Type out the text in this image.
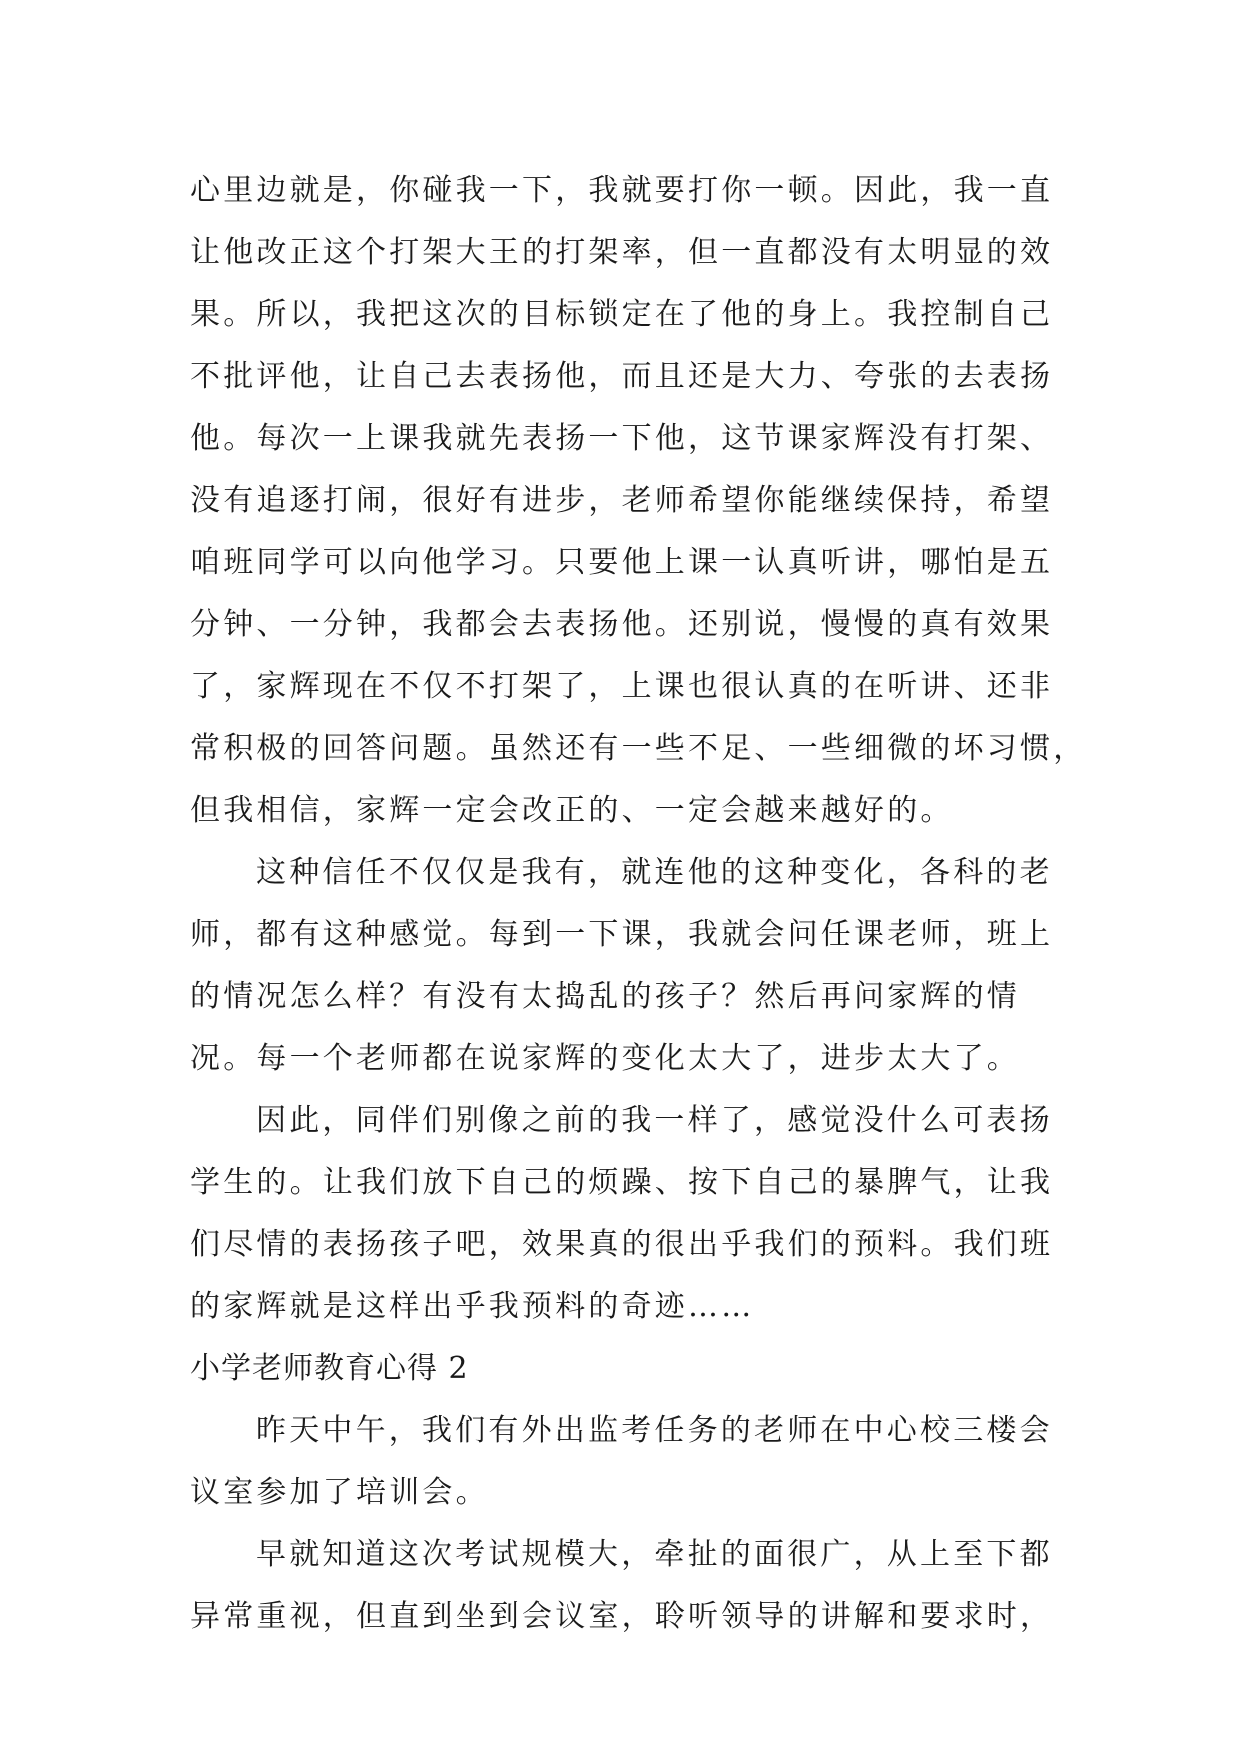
心里边就是，你碰我一下，我就要打你一顿。因此，我一直
让他改正这个打架大王的打架率，但一直都没有太明显的效
果。所以，我把这次的目标锁定在了他的身上。我控制自己
不批评他，让自己去表扬他，而且还是大力、夸张的去表扬
他。每次一上课我就先表扬一下他，这节课家辉没有打架、
没有追逐打闹，很好有进步，老师希望你能继续保持，希望
咱班同学可以向他学习。只要他上课一认真听讲，哪怕是五
分钟、一分钟，我都会去表扬他。还别说，慢慢的真有效果
了，家辉现在不仅不打架了，上课也很认真的在听讲、还非
常积极的回答问题。虽然还有一些不足、一些细微的坏习惯，
但我相信，家辉一定会改正的、一定会越来越好的。
这种信任不仅仅是我有，就连他的这种变化，各科的老
师，都有这种感觉。每到一下课，我就会问任课老师，班上
的情况怎么样？有没有太捣乱的孩子？然后再问家辉的情
况。每一个老师都在说家辉的变化太大了，进步太大了。
因此，同伴们别像之前的我一样了，感觉没什么可表扬
学生的。让我们放下自己的烦躁、按下自己的暴脾气，让我
们尽情的表扬孩子吧，效果真的很出乎我们的预料。我们班
的家辉就是这样出乎我预料的奇迹……
小学老师教育心得 2
昨天中午，我们有外出监考任务的老师在中心校三楼会
议室参加了培训会。
早就知道这次考试规模大，牵扯的面很广，从上至下都
异常重视，但直到坐到会议室，聆听领导的讲解和要求时，
